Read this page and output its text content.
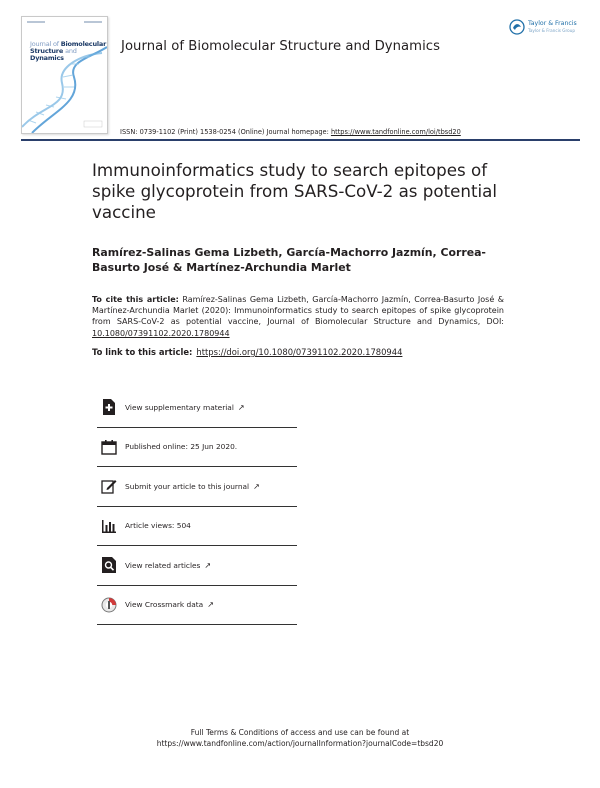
Journal of Biomolecular
Structure and Dynamics
Journal of Biomolecular Structure and Dynamics
Taylor & Francis
Taylor & Francis Group
ISSN: 0739-1102 (Print) 1538-0254 (Online) Journal homepage: https://www.tandfonline.com/loi/tbsd20
Immunoinformatics study to search epitopes of spike glycoprotein from SARS-CoV-2 as potential vaccine
Ramírez-Salinas Gema Lizbeth, García-Machorro Jazmín, Correa-Basurto José & Martínez-Archundia Marlet
To cite this article: Ramírez-Salinas Gema Lizbeth, García-Machorro Jazmín, Correa-Basurto José & Martínez-Archundia Marlet (2020): Immunoinformatics study to search epitopes of spike glycoprotein from SARS-CoV-2 as potential vaccine, Journal of Biomolecular Structure and Dynamics, DOI: 10.1080/07391102.2020.1780944
To link to this article: https://doi.org/10.1080/07391102.2020.1780944
View supplementary material ↗
Published online: 25 Jun 2020.
Submit your article to this journal ↗
Article views: 504
View related articles ↗
View Crossmark data ↗
Full Terms & Conditions of access and use can be found at
https://www.tandfonline.com/action/journalInformation?journalCode=tbsd20
